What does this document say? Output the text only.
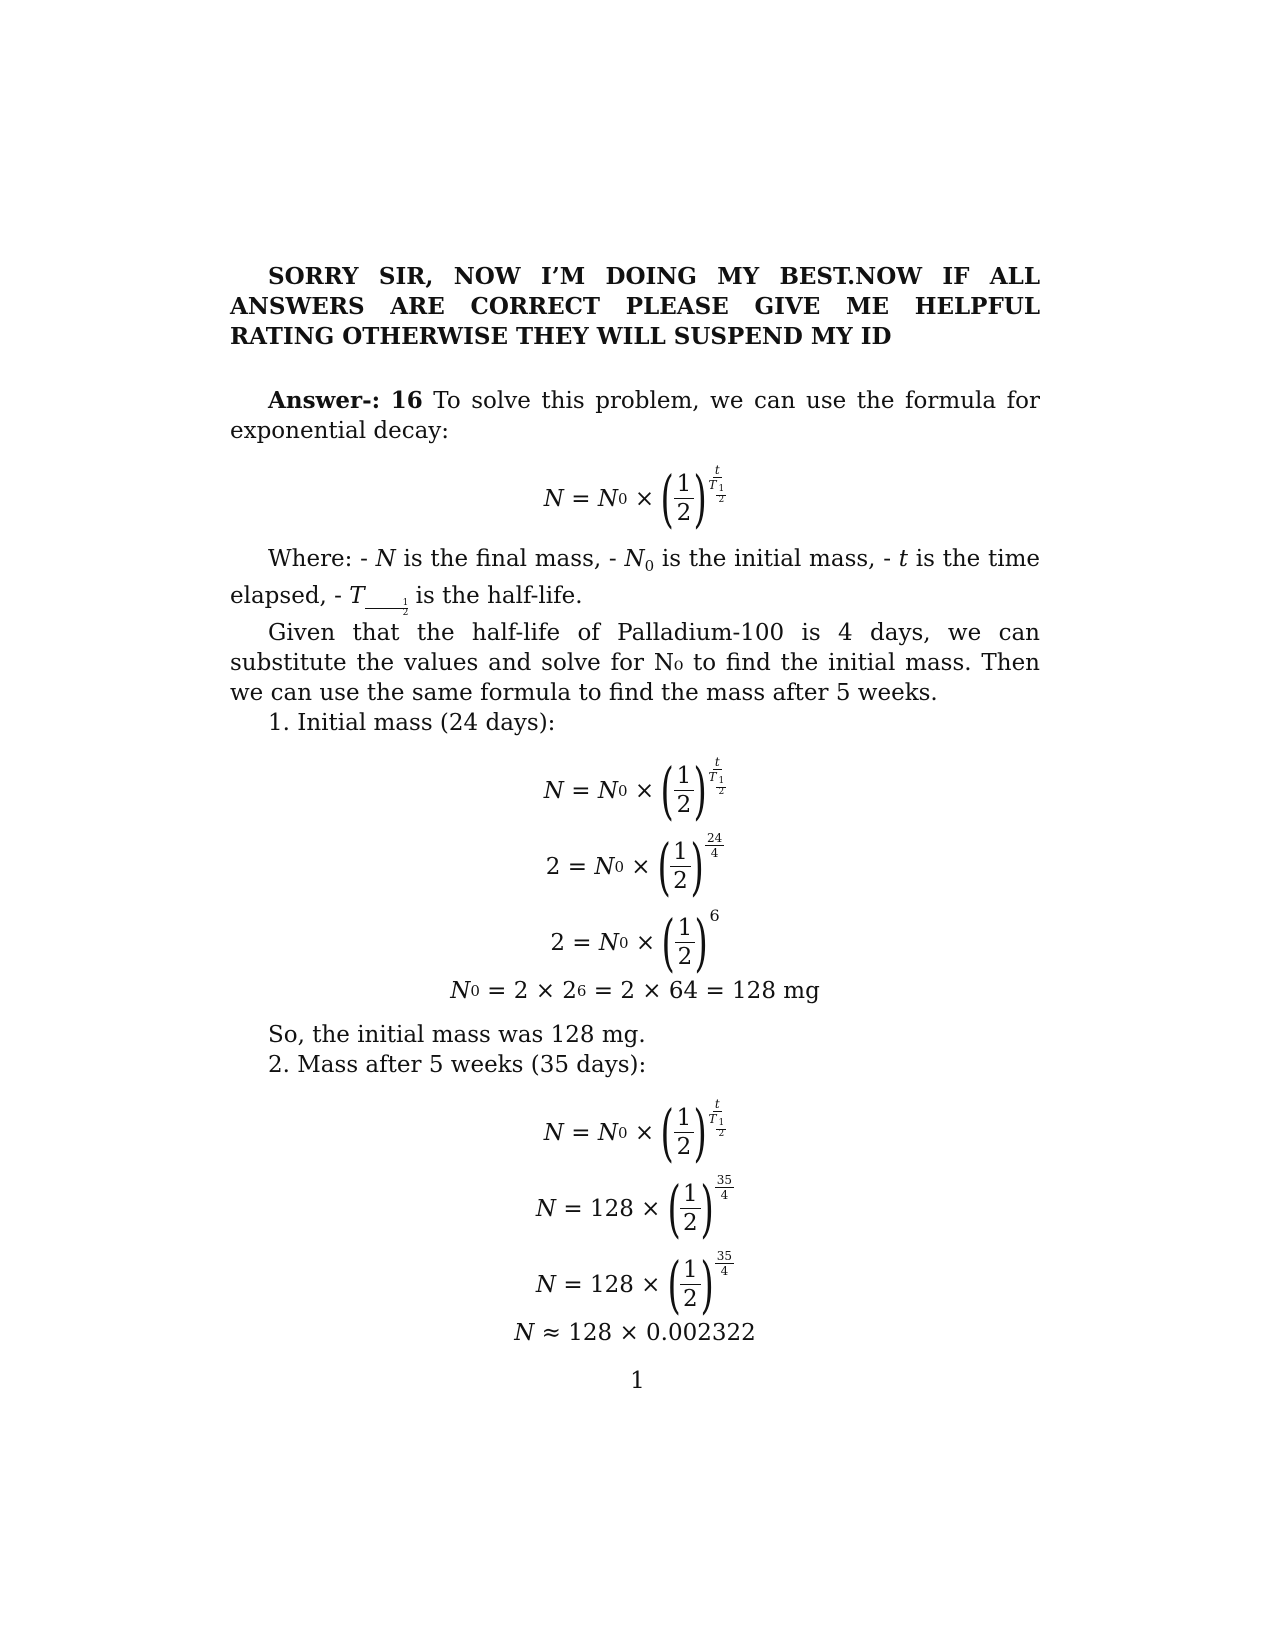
SORRY SIR, NOW I’M DOING MY BEST.NOW IF ALL ANSWERS ARE CORRECT PLEASE GIVE ME HELPFUL RATING OTHERWISE THEY WILL SUSPEND MY ID

Answer-: 16 To solve this problem, we can use the formula for exponential decay:

N
=
N 0
×
( $\frac{1}{2}$ ) t
T $\frac{1}{2}$

Where: - N is the final mass, - $N_0$ is the initial mass, - t is the time elapsed, - T $\frac{1}{2}$ is the half-life.

Given that the half-life of Palladium-100 is 4 days, we can substitute the values and solve for N₀ to find the initial mass. Then we can use the same formula to find the mass after 5 weeks.

1. Initial mass (24 days):

N
=
N 0
×
( $\frac{1}{2}$ ) t
T $\frac{1}{2}$
2
=
N 0
×
( $\frac{1}{2}$ ) 24
4
2
=
N 0
×
( $\frac{1}{2}$ ) 6
N 0
= 2 × 2 6
= 2 × 64 = 128 mg

So, the initial mass was 128 mg.

2. Mass after 5 weeks (35 days):

N
=
N 0
×
( $\frac{1}{2}$ ) t
T $\frac{1}{2}$
N
=
128
×
( $\frac{1}{2}$ ) 35
4
N
=
128
×
( $\frac{1}{2}$ ) 35
4
N
≈
128 × 0.002322
1
